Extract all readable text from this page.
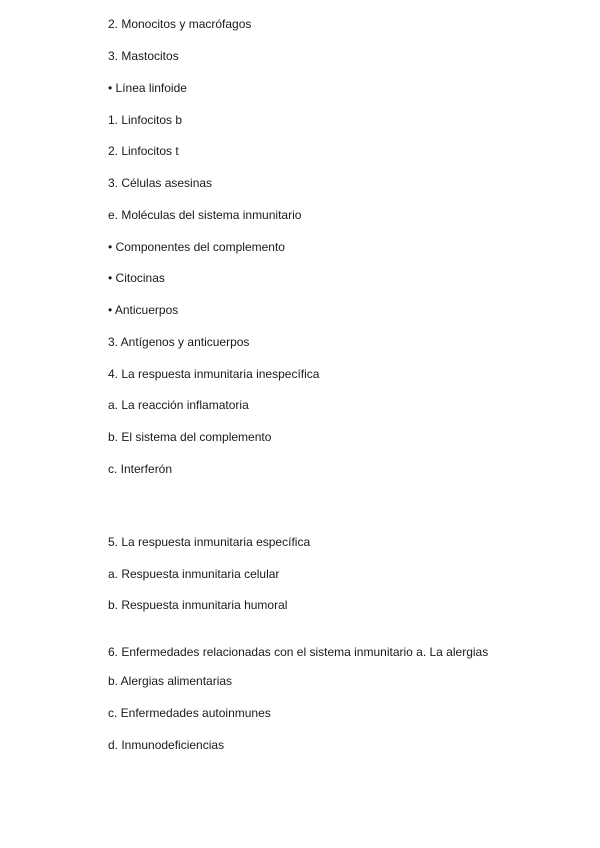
2. Monocitos y macrófagos
3. Mastocitos
• Línea linfoide
1. Linfocitos b
2. Linfocitos t
3. Células asesinas
e. Moléculas del sistema inmunitario
• Componentes del complemento
• Citocinas
• Anticuerpos
3. Antígenos y anticuerpos
4. La respuesta inmunitaria inespecífica
a. La reacción inflamatoria
b. El sistema del complemento
c. Interferón
5. La respuesta inmunitaria específica
a. Respuesta inmunitaria celular
b. Respuesta inmunitaria humoral
6. Enfermedades relacionadas con el sistema inmunitario a. La alergias
b. Alergias alimentarias
c. Enfermedades autoinmunes
d. Inmunodeficiencias
